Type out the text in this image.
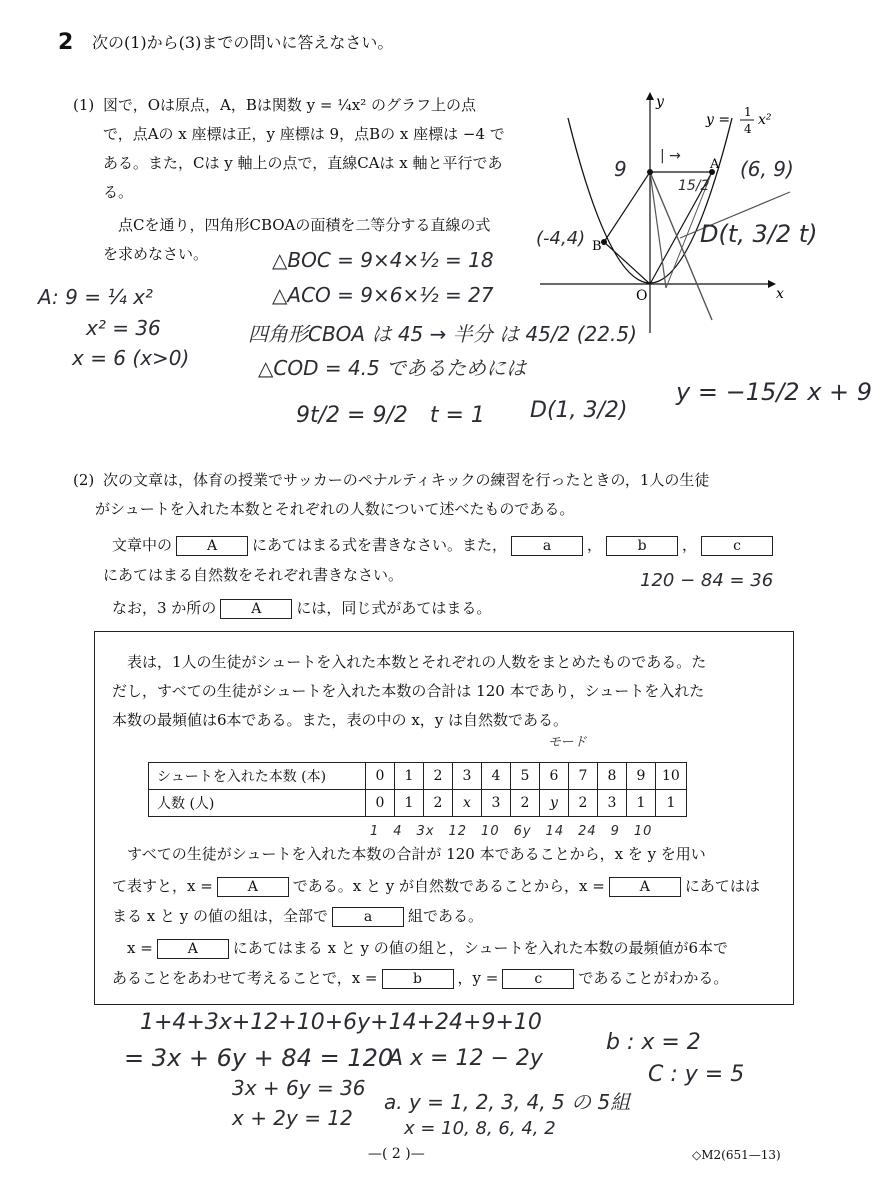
2 次の(1)から(3)までの問いに答えなさい。
(1) 図で，Oは原点，A，Bは関数 y = ¼x² のグラフ上の点
で，点Aの x 座標は正，y 座標は 9，点Bの x 座標は −4 で
ある。また，Cは y 軸上の点で，直線CAは x 軸と平行であ
る。
　点Cを通り，四角形CBOAの面積を二等分する直線の式
を求めなさい。
y
x
O
A
B
y = 1
4
x²
9	(6, 9)
| →
15/2
(-4,4)	D(t, 3/2 t)
△BOC = 9×4×½ = 18
A: 9 = ¼ x²	△ACO = 9×6×½ = 27
x² = 36	四角形CBOA は 45 → 半分 は 45/2 (22.5)
x = 6 (x>0)	△COD = 4.5 であるためには
9t/2 = 9/2　t = 1 D(1, 3/2)
y = −15/2 x + 9
(2) 次の文章は，体育の授業でサッカーのペナルティキックの練習を行ったときの，1人の生徒
がシュートを入れた本数とそれぞれの人数について述べたものである。
文章中の A にあてはまる式を書きなさい。また，	a ，	b ，	c
にあてはまる自然数をそれぞれ書きなさい。
なお，3 か所の A には，同じ式があてはまる。
120 − 84 = 36
　表は，1人の生徒がシュートを入れた本数とそれぞれの人数をまとめたものである。た
だし，すべての生徒がシュートを入れた本数の合計は 120 本であり，シュートを入れた
本数の最頻値は6本である。また，表の中の x，y は自然数である。
モード
シュートを入れた本数 (本)	0	1	2	3	4	5	6	7	8	9	10
人数 (人)	0	1	2	x	3	2	y	2	3	1	1
1　4　3x　12　10　6y　14　24　9　10
　すべての生徒がシュートを入れた本数の合計が 120 本であることから，x を y を用い
て表すと，x = A である。x と y が自然数であることから，x = A にあてはは
まる x と y の値の組は，全部で	a 組である。
　x = A にあてはまる x と y の値の組と，シュートを入れた本数の最頻値が6本で
あることをあわせて考えることで，x =	b ，y =	c であることがわかる。
1+4+3x+12+10+6y+14+24+9+10
= 3x + 6y + 84 = 120
3x + 6y = 36
x + 2y = 12
A x = 12 − 2y
a. y = 1, 2, 3, 4, 5 の 5組
x = 10, 8, 6, 4, 2
b : x = 2
C : y = 5
—( 2 )—	◇M2(651—13)
